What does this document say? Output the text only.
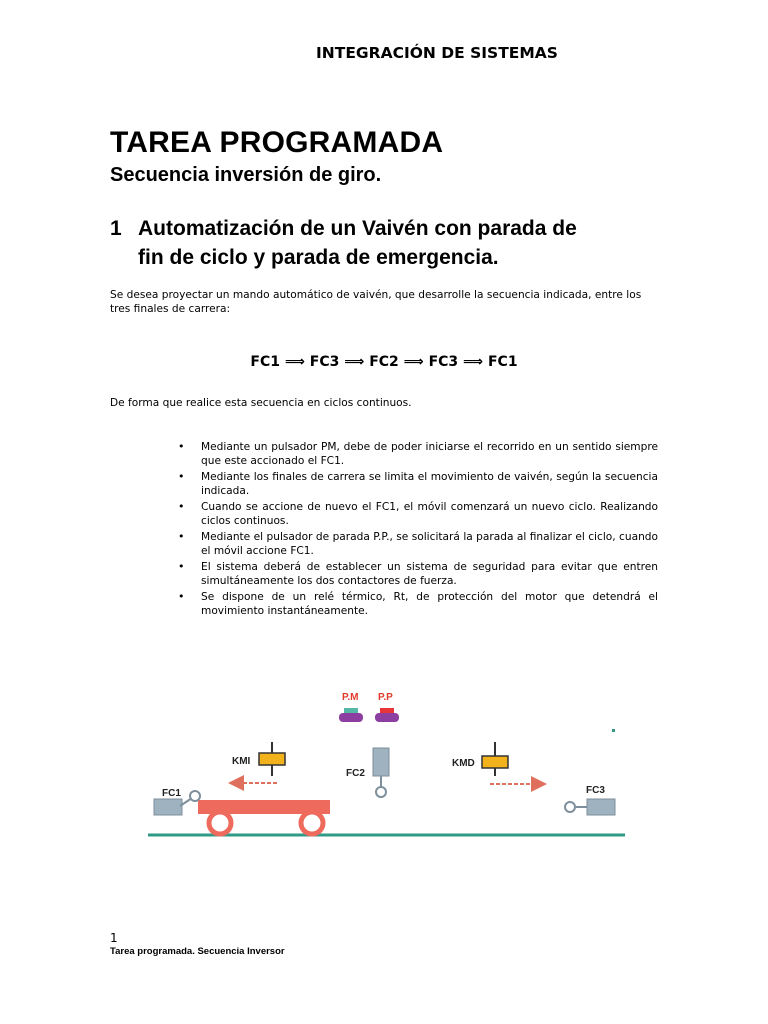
INTEGRACIÓN DE SISTEMAS
TAREA PROGRAMADA
Secuencia inversión de giro.
1 Automatización de un Vaivén con parada de
fin de ciclo y parada de emergencia.
Se desea proyectar un mando automático de vaivén, que desarrolle la secuencia indicada, entre los tres finales de carrera:
FC1 ⟹ FC3 ⟹ FC2 ⟹ FC3 ⟹ FC1
De forma que realice esta secuencia en ciclos continuos.
• Mediante un pulsador PM, debe de poder iniciarse el recorrido en un sentido siempre que este accionado el FC1.
• Mediante los finales de carrera se limita el movimiento de vaivén, según la secuencia indicada.
• Cuando se accione de nuevo el FC1, el móvil comenzará un nuevo ciclo. Realizando ciclos continuos.
• Mediante el pulsador de parada P.P., se solicitará la parada al finalizar el ciclo, cuando el móvil accione FC1.
• El sistema deberá de establecer un sistema de seguridad para evitar que entren simultáneamente los dos contactores de fuerza.
• Se dispone de un relé térmico, Rt, de protección del motor que detendrá el movimiento instantáneamente.
FC1
FC2
FC3
KMI	KMD
P.M P.P
1
Tarea programada. Secuencia Inversor
